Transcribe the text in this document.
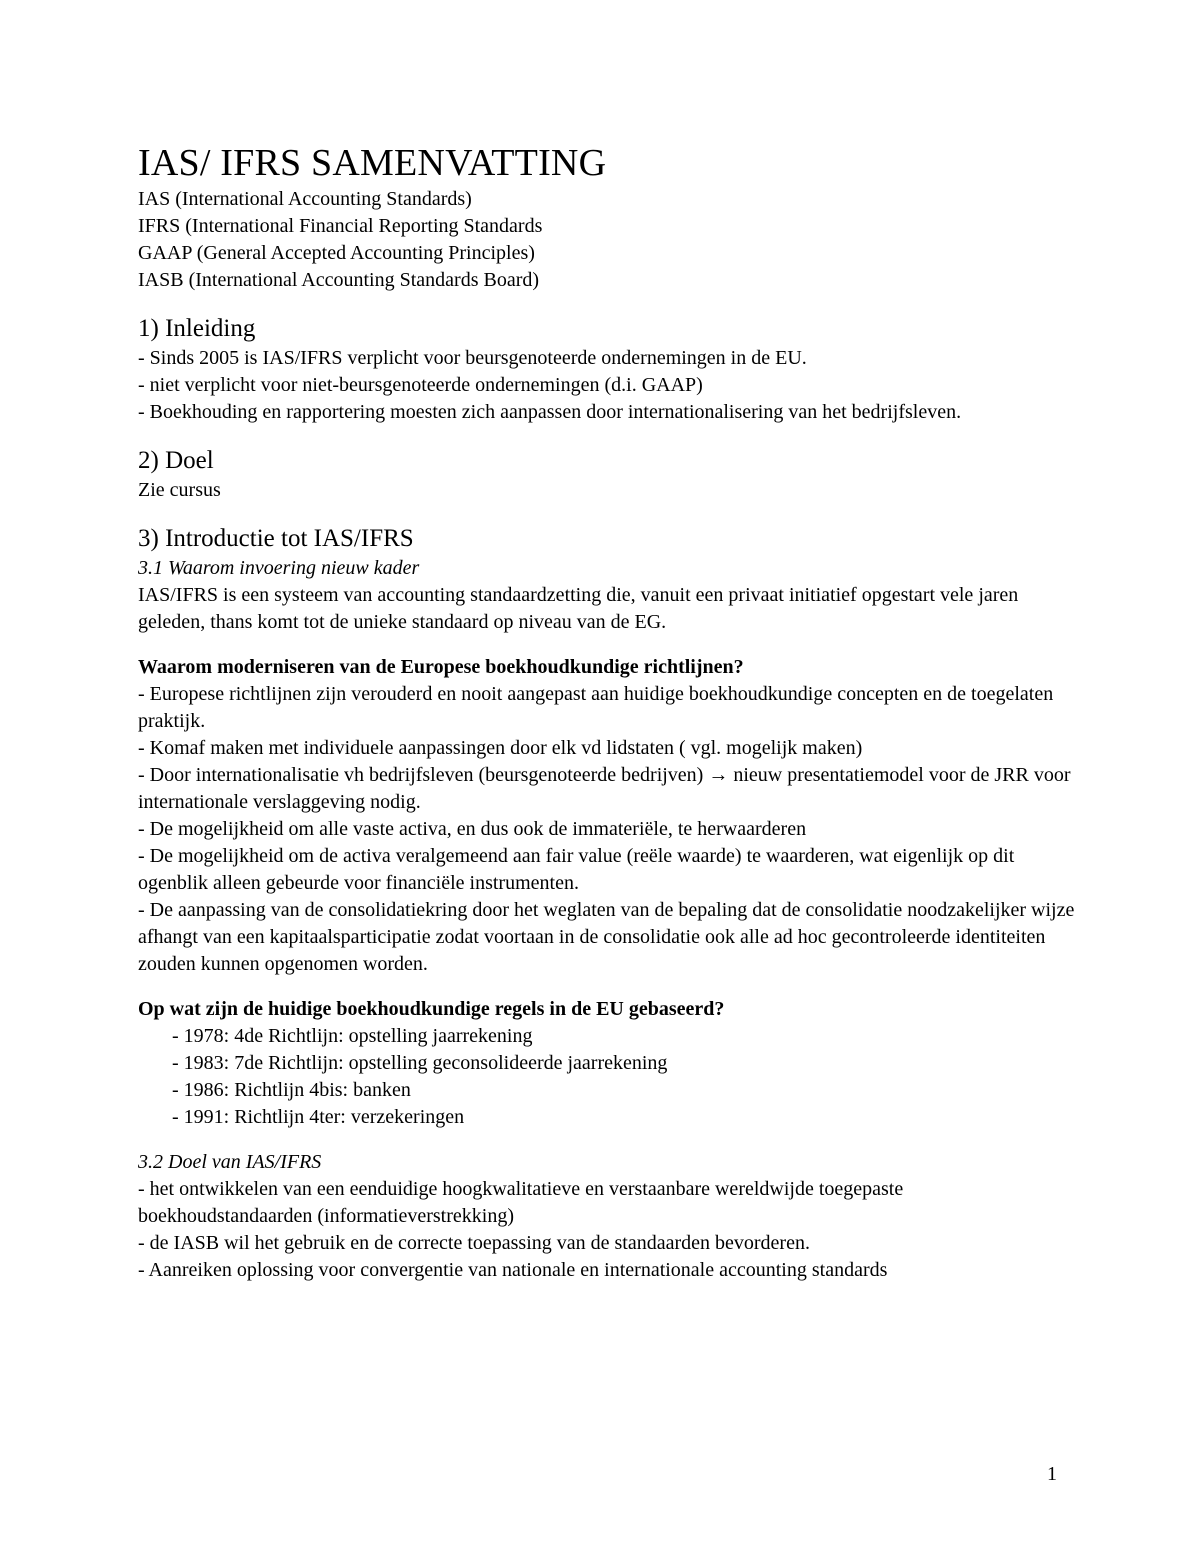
IAS/ IFRS SAMENVATTING
IAS (International Accounting Standards)
IFRS (International Financial Reporting Standards
GAAP (General Accepted Accounting Principles)
IASB (International Accounting Standards Board)
1) Inleiding
- Sinds 2005 is IAS/IFRS verplicht voor beursgenoteerde ondernemingen in de EU.
- niet verplicht voor niet-beursgenoteerde ondernemingen (d.i. GAAP)
- Boekhouding en rapportering moesten zich aanpassen door internationalisering van het bedrijfsleven.
2) Doel
Zie cursus
3) Introductie tot IAS/IFRS
3.1 Waarom invoering nieuw kader
IAS/IFRS is een systeem van accounting standaardzetting die, vanuit een privaat initiatief opgestart vele jaren geleden, thans komt tot de unieke standaard op niveau van de EG.
Waarom moderniseren van de Europese boekhoudkundige richtlijnen?
- Europese richtlijnen zijn verouderd en nooit aangepast aan huidige boekhoudkundige concepten en de toegelaten praktijk.
- Komaf maken met individuele aanpassingen door elk vd lidstaten ( vgl. mogelijk maken)
- Door internationalisatie vh bedrijfsleven (beursgenoteerde bedrijven) → nieuw presentatiemodel voor de JRR voor internationale verslaggeving nodig.
- De mogelijkheid om alle vaste activa, en dus ook de immateriële, te herwaarderen
- De mogelijkheid om de activa veralgemeend aan fair value (reële waarde) te waarderen, wat eigenlijk op dit ogenblik alleen gebeurde voor financiële instrumenten.
- De aanpassing van de consolidatiekring door het weglaten van de bepaling dat de consolidatie noodzakelijker wijze afhangt van een kapitaalsparticipatie zodat voortaan in de consolidatie ook alle ad hoc gecontroleerde identiteiten zouden kunnen opgenomen worden.
Op wat zijn de huidige boekhoudkundige regels in de EU gebaseerd?
- 1978: 4de Richtlijn: opstelling jaarrekening
- 1983: 7de Richtlijn: opstelling geconsolideerde jaarrekening
- 1986: Richtlijn 4bis: banken
- 1991: Richtlijn 4ter: verzekeringen
3.2 Doel van IAS/IFRS
- het ontwikkelen van een eenduidige hoogkwalitatieve en verstaanbare wereldwijde toegepaste boekhoudstandaarden (informatieverstrekking)
- de IASB wil het gebruik en de correcte toepassing van de standaarden bevorderen.
- Aanreiken oplossing voor convergentie van nationale en internationale accounting standards
1
